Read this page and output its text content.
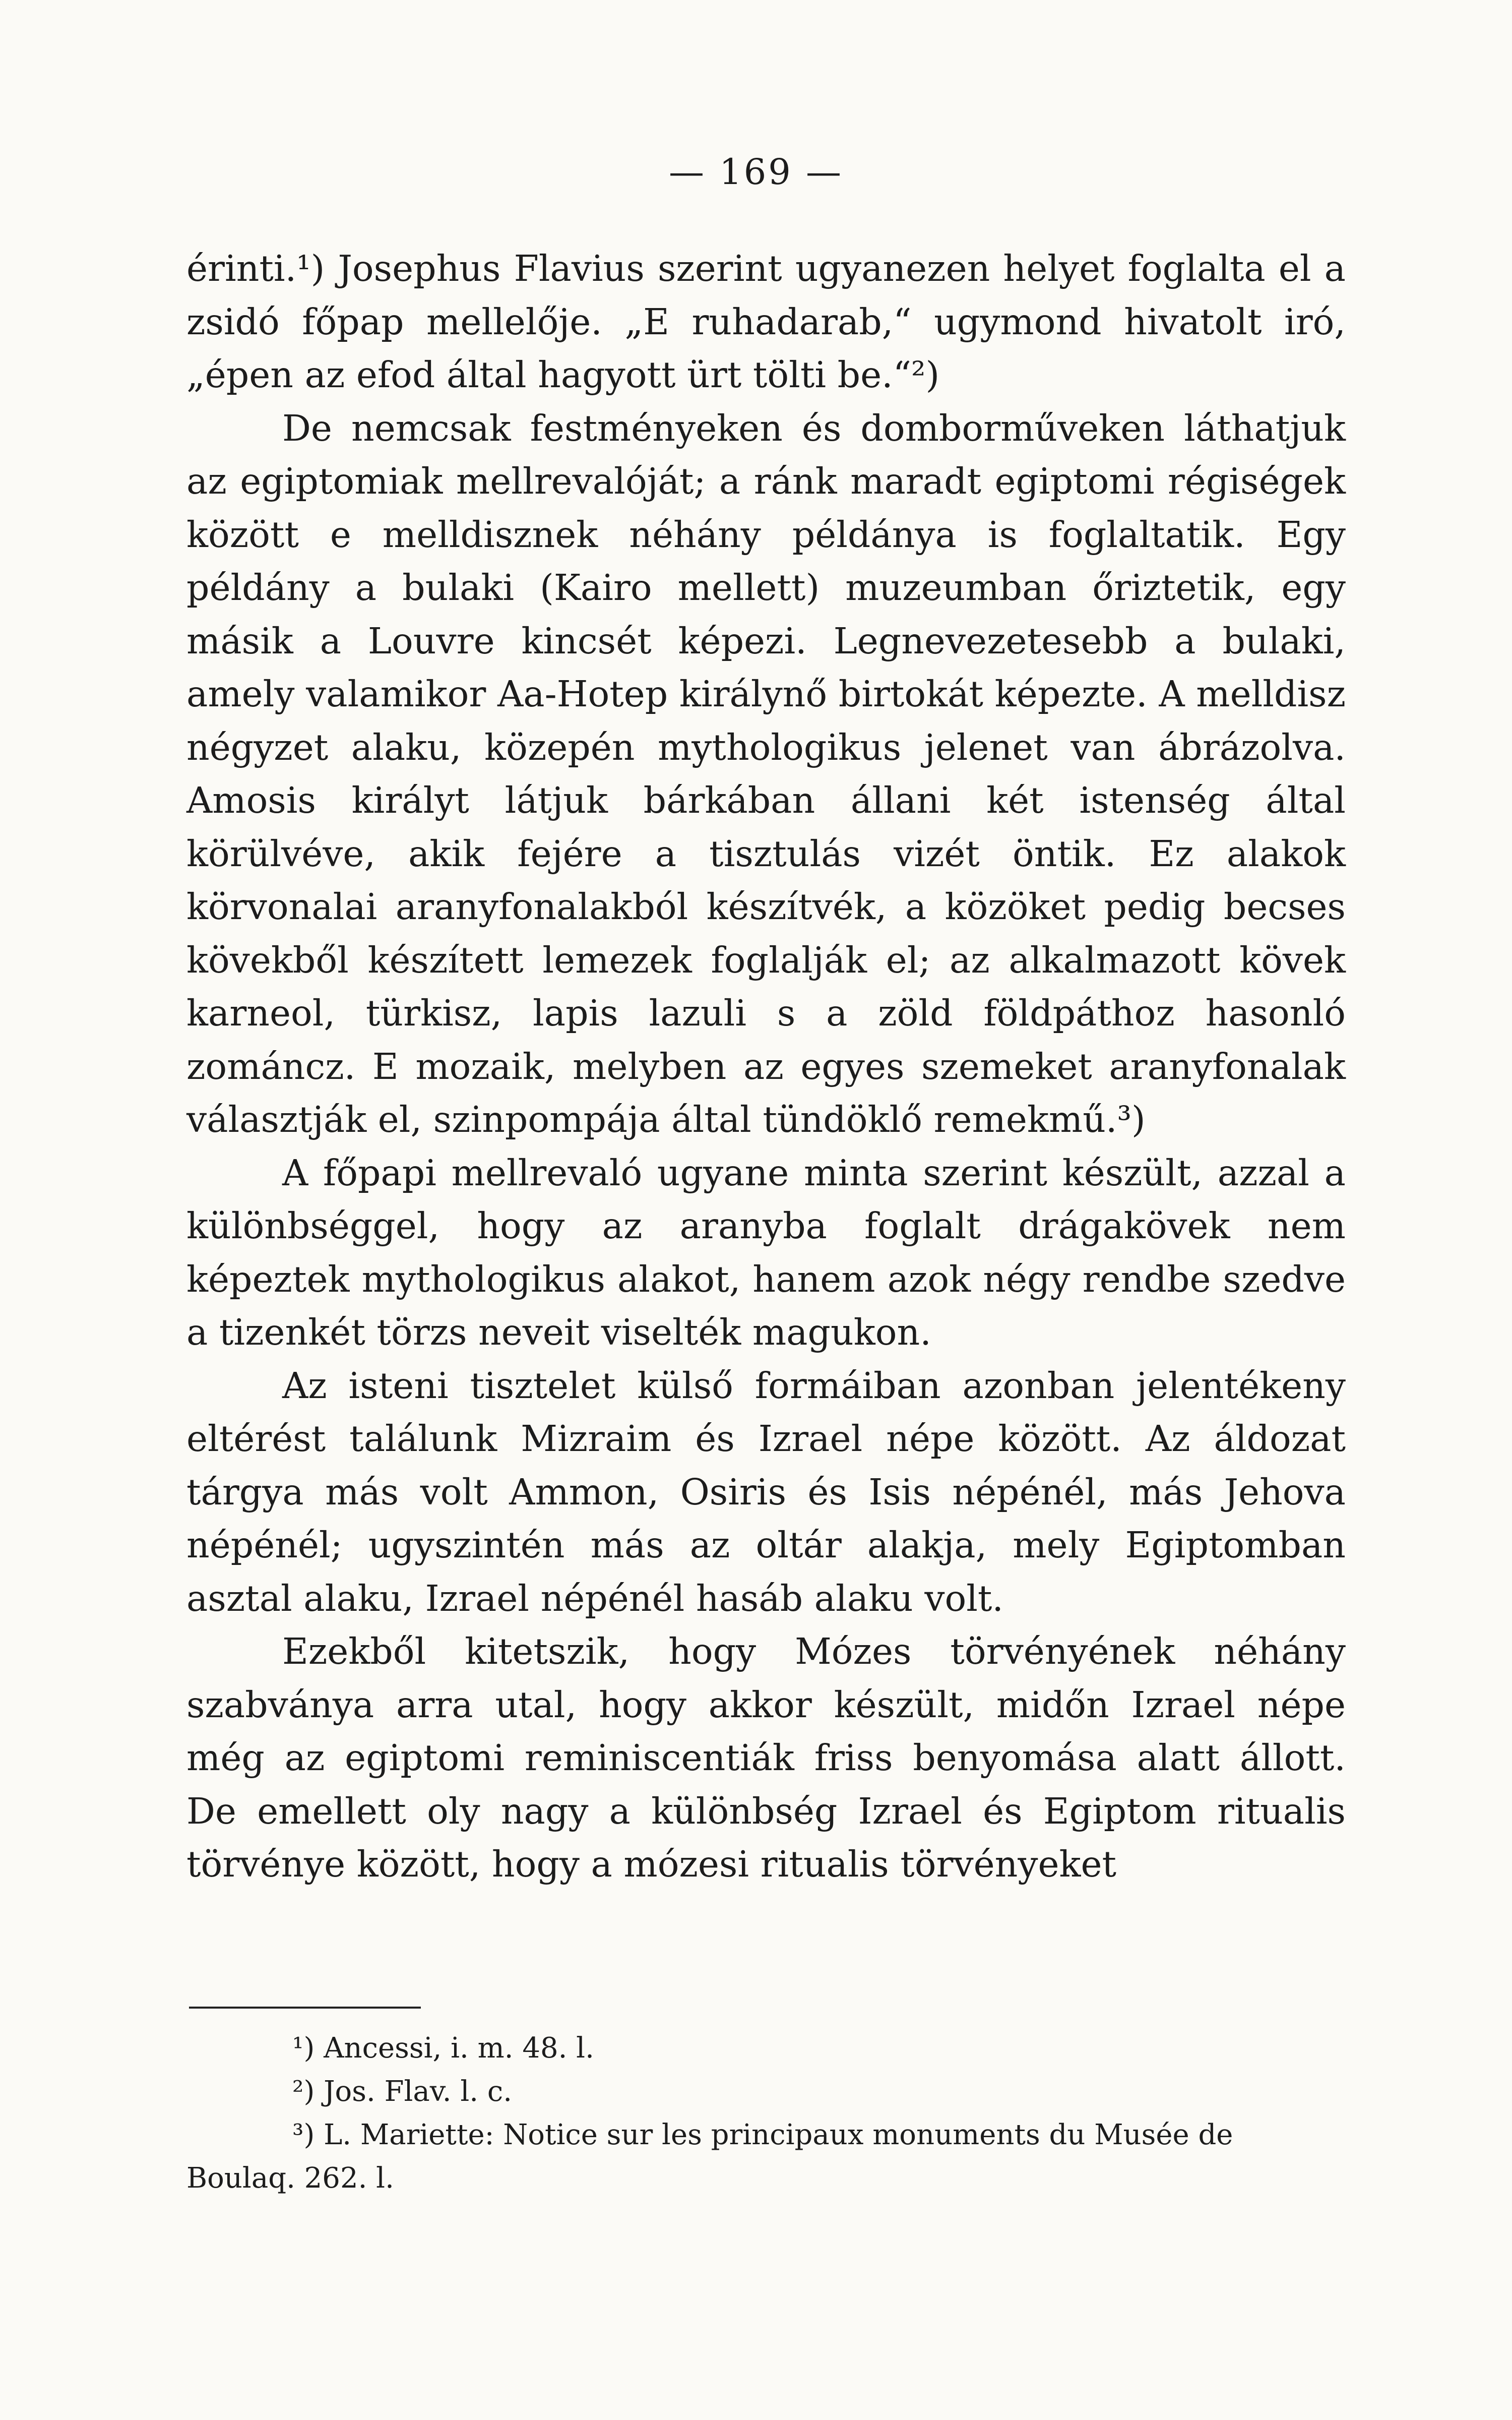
— 169 —

érinti.¹) Josephus Flavius szerint ugyanezen helyet foglalta el a zsidó főpap mellelője. „E ruhadarab,“ ugymond hivatolt iró, „épen az efod által hagyott ürt tölti be.“²)

De nemcsak festményeken és domborműveken láthatjuk az egiptomiak mellrevalóját; a ránk maradt egiptomi régiségek között e melldisznek néhány példánya is foglaltatik. Egy példány a bulaki (Kairo mellett) muzeumban őriztetik, egy másik a Louvre kincsét képezi. Legnevezetesebb a bulaki, amely valamikor Aa-Hotep királynő birtokát képezte. A melldisz négyzet alaku, közepén mythologikus jelenet van ábrázolva. Amosis királyt látjuk bárkában állani két istenség által körülvéve, akik fejére a tisztulás vizét öntik. Ez alakok körvonalai aranyfonalakból készítvék, a közöket pedig becses kövekből készített lemezek foglalják el; az alkalmazott kövek karneol, türkisz, lapis lazuli s a zöld földpáthoz hasonló zománcz. E mozaik, melyben az egyes szemeket aranyfonalak választják el, szinpompája által tündöklő remekmű.³)

A főpapi mellrevaló ugyane minta szerint készült, azzal a különbséggel, hogy az aranyba foglalt drágakövek nem képeztek mythologikus alakot, hanem azok négy rendbe szedve a tizenkét törzs neveit viselték magukon.

Az isteni tisztelet külső formáiban azonban jelentékeny eltérést találunk Mizraim és Izrael népe között. Az áldozat tárgya más volt Ammon, Osiris és Isis népénél, más Jehova népénél; ugyszintén más az oltár alakja, mely Egiptomban asztal alaku, Izrael népénél hasáb alaku volt.

Ezekből kitetszik, hogy Mózes törvényének néhány szabványa arra utal, hogy akkor készült, midőn Izrael népe még az egiptomi reminiscentiák friss benyomása alatt állott. De emellett oly nagy a különbség Izrael és Egiptom ritualis törvénye között, hogy a mózesi ritualis törvényeket

¹) Ancessi, i. m. 48. l.

²) Jos. Flav. l. c.

³) L. Mariette: Notice sur les principaux monuments du Musée de Boulaq. 262. l.
